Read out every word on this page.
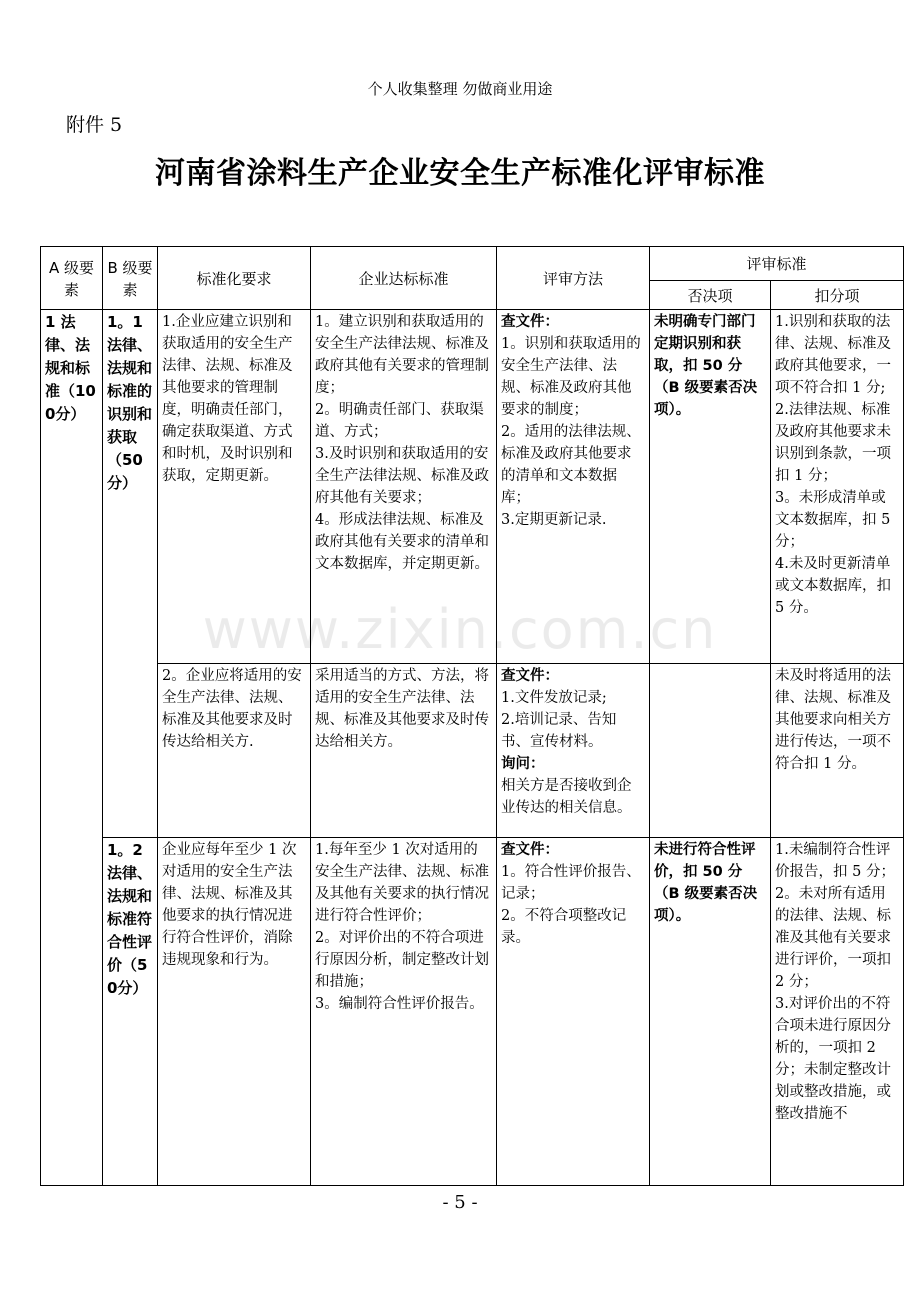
个人收集整理 勿做商业用途
附件 5
河南省涂料生产企业安全生产标准化评审标准
A 级要素	B 级要素	标准化要求	企业达标标准	评审方法	评审标准	
					否决项	扣分项
1 法律、法规和标准（100分）	1。1法律、法规和标准的识别和获取（50分）	1.企业应建立识别和获取适用的安全生产法律、法规、标准及其他要求的管理制度，明确责任部门，确定获取渠道、方式和时机，及时识别和获取，定期更新。	1。建立识别和获取适用的安全生产法律法规、标准及政府其他有关要求的管理制度；
2。明确责任部门、获取渠道、方式；
3.及时识别和获取适用的安全生产法律法规、标准及政府其他有关要求；
4。形成法律法规、标准及政府其他有关要求的清单和文本数据库，并定期更新。	查文件：
1。识别和获取适用的安全生产法律、法规、标准及政府其他要求的制度；
2。适用的法律法规、标准及政府其他要求的清单和文本数据库；
3.定期更新记录.	未明确专门部门定期识别和获取，扣 50 分（B 级要素否决项）。	1.识别和获取的法律、法规、标准及政府其他要求，一项不符合扣 1 分;
2.法律法规、标准及政府其他要求未识别到条款，一项扣 1 分；
3。未形成清单或文本数据库，扣 5 分；
4.未及时更新清单或文本数据库，扣 5 分。
		2。企业应将适用的安全生产法律、法规、标准及其他要求及时传达给相关方.	采用适当的方式、方法，将适用的安全生产法律、法规、标准及其他要求及时传达给相关方。	查文件：
1.文件发放记录;
2.培训记录、告知书、宣传材料。
询问：
相关方是否接收到企业传达的相关信息。		未及时将适用的法律、法规、标准及其他要求向相关方进行传达，一项不符合扣 1 分。
	1。2法律、法规和标准符合性评价（50分）	企业应每年至少 1 次对适用的安全生产法律、法规、标准及其他要求的执行情况进行符合性评价，消除违规现象和行为。	1.每年至少 1 次对适用的安全生产法律、法规、标准及其他有关要求的执行情况进行符合性评价；
2。对评价出的不符合项进行原因分析，制定整改计划和措施；
3。编制符合性评价报告。	查文件：
1。符合性评价报告、记录；
2。不符合项整改记录。	未进行符合性评价，扣 50 分（B 级要素否决项）。	1.未编制符合性评价报告，扣 5 分；
2。未对所有适用的法律、法规、标准及其他有关要求进行评价，一项扣 2 分；
3.对评价出的不符合项未进行原因分析的，一项扣 2 分；未制定整改计划或整改措施，或整改措施不
www.zixin.com.cn
- 5 -
